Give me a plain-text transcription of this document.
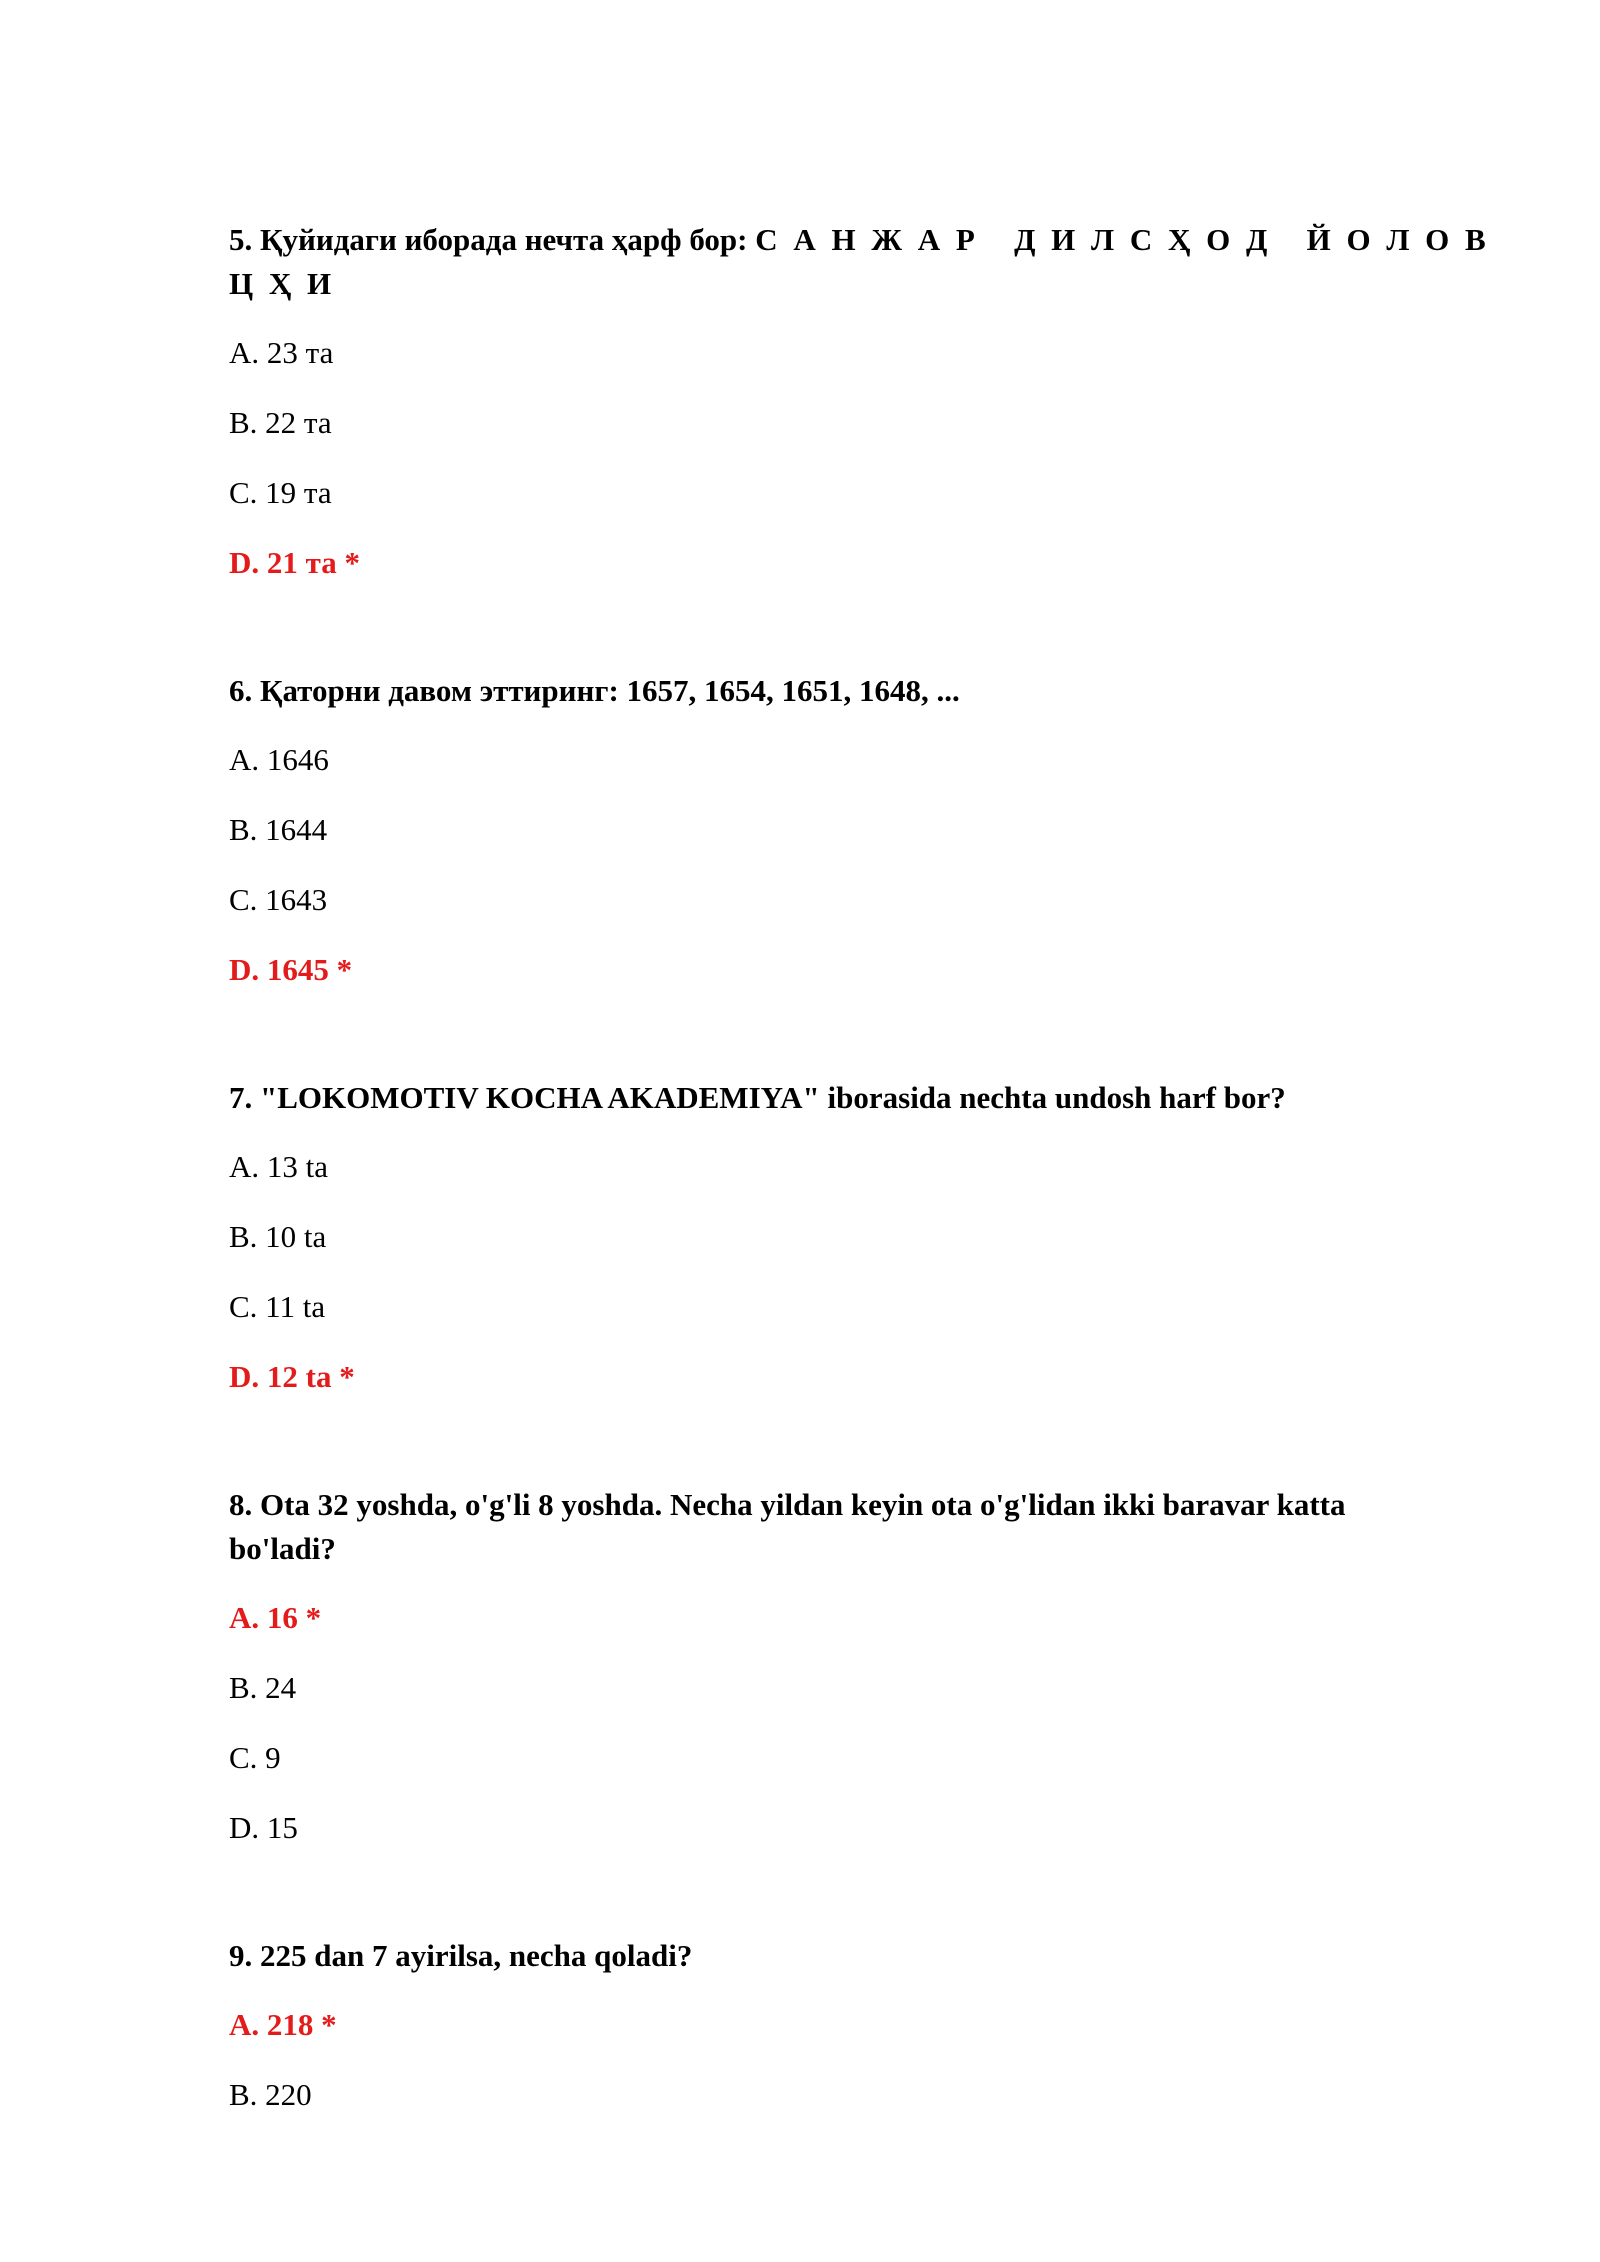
5. Қуйидаги иборада нечта ҳарф бор: С А Н Ж А Р   Д И Л С Ҳ О Д   Й О Л О В Ц Ҳ И
A. 23 та
B. 22 та
C. 19 та
D. 21 та *
6. Қаторни давом эттиринг: 1657, 1654, 1651, 1648, ...
A. 1646
B. 1644
C. 1643
D. 1645 *
7. "LOKOMOTIV KOCHA AKADEMIYA" iborasida nechta undosh harf bor?
A. 13 ta
B. 10 ta
C. 11 ta
D. 12 ta *
8. Ota 32 yoshda, o'g'li 8 yoshda. Necha yildan keyin ota o'g'lidan ikki baravar katta bo'ladi?
A. 16 *
B. 24
C. 9
D. 15
9. 225 dan 7 ayirilsa, necha qoladi?
A. 218 *
B. 220
